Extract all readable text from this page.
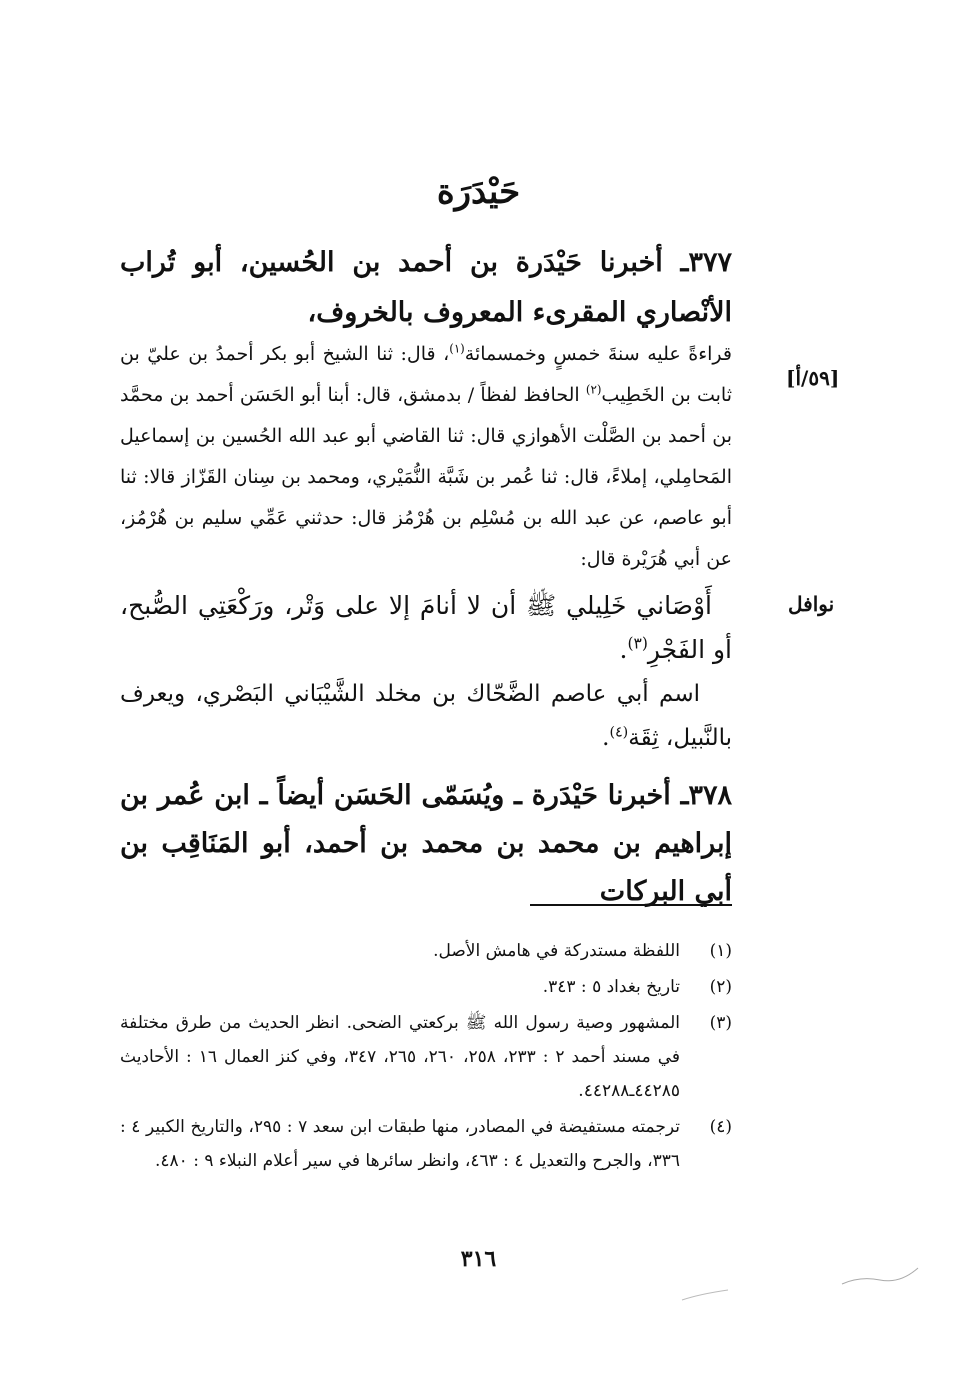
حَيْدَرَة
٣٧٧ـ أخبرنا حَيْدَرة بن أحمد بن الحُسين، أبو تُراب الأنْصاري المقرىء المعروف بالخروف،
قراءةً عليه سنةَ خمسٍ وخمسمائة$^{(١)}$، قال: ثنا الشيخ أبو بكر أحمدُ بن عليّ بن ثابت بن الخَطِيب$^{(٢)}$ الحافظ لفظاً / بدمشق، قال: أبنا أبو الحَسَن أحمد بن محمَّد بن أحمد بن الصَّلْت الأهوازي قال: ثنا القاضي أبو عبد الله الحُسين بن إسماعيل المَحامِلي، إملاءً، قال: ثنا عُمر بن شَبَّة النُّمَيْري، ومحمد بن سِنان القَزّاز قالا: ثنا أبو عاصم، عن عبد الله بن مُسْلِم بن هُرْمُز قال: حدثني عَمِّي سليم بن هُرْمُز، عن أبي هُرَيْرة قال:
[٥٩/أ]
نوافل
أَوْصَاني خَلِيلي ﷺ أن لا أنامَ إلا على وَتْر، ورَكْعَتِي الصُّبح، أو الفَجْرِ$^{(٣)}$.
اسم أبي عاصم الضَّحّاك بن مخلد الشَّيْبَاني البَصْري، ويعرف بالنَّبيل، ثِقَة$^{(٤)}$.
٣٧٨ـ أخبرنا حَيْدَرة ـ ويُسَمّى الحَسَن أيضاً ـ ابن عُمر بن إبراهيم بن محمد بن محمد بن أحمد، أبو المَنَاقِب بن أبي البركات
(١)
اللفظة مستدركة في هامش الأصل.
(٢)
تاريخ بغداد ٥ : ٣٤٣.
(٣)
المشهور وصية رسول الله ﷺ بركعتي الضحى. انظر الحديث من طرق مختلفة في مسند أحمد ٢ : ٢٣٣، ٢٥٨، ٢٦٠، ٢٦٥، ٣٤٧، وفي كنز العمال ١٦ : الأحاديث ٤٤٢٨٥ـ٤٤٢٨٨.
(٤)
ترجمته مستفيضة في المصادر، منها طبقات ابن سعد ٧ : ٢٩٥، والتاريخ الكبير ٤ : ٣٣٦، والجرح والتعديل ٤ : ٤٦٣، وانظر سائرها في سير أعلام النبلاء ٩ : ٤٨٠.
٣١٦
